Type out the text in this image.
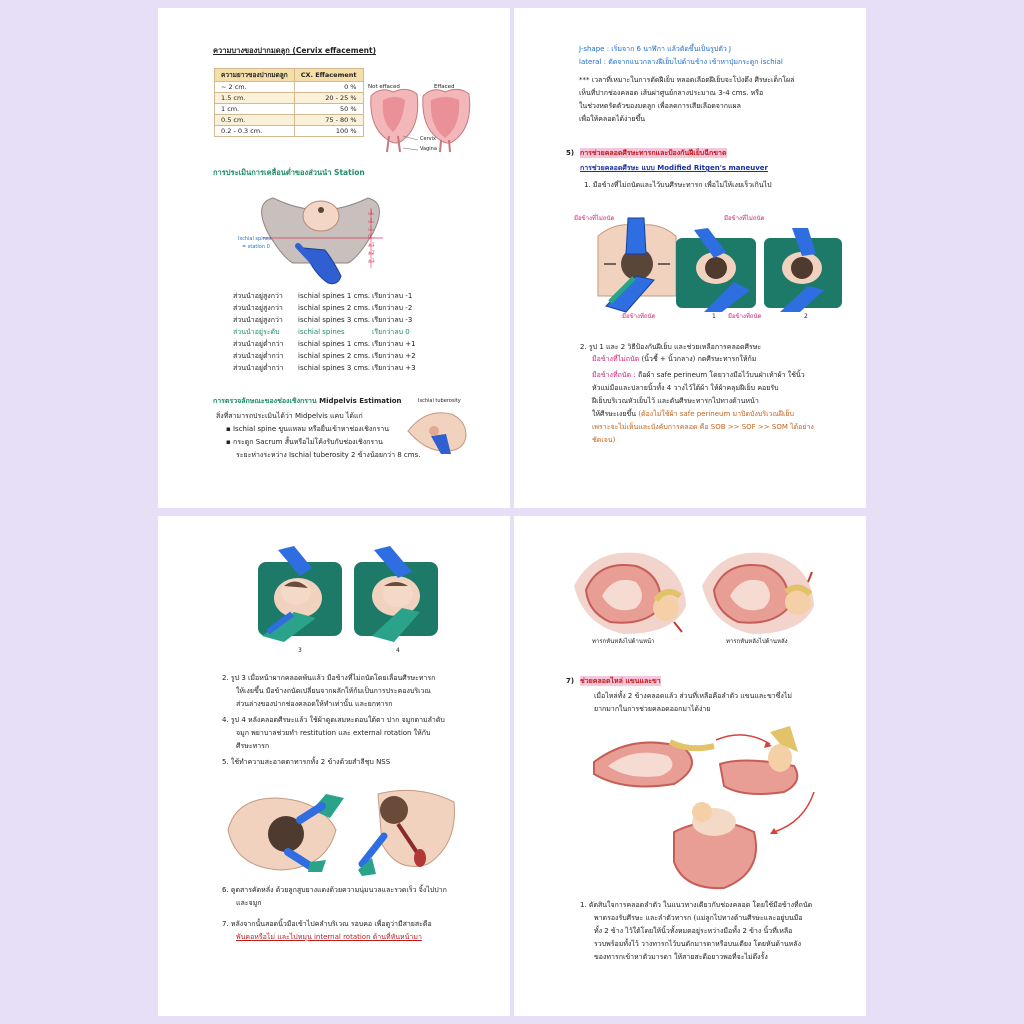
ความบางของปากมดลูก (Cervix effacement)
ความยาวของปากมดลูก	CX. Effacement
~ 2 cm.	0 %
1.5 cm.	20 - 25 %
1 cm.	50 %
0.5 cm.	75 - 80 %
0.2 - 0.3 cm.	100 %
Not effaced	Effaced
Cervix
Vagina
การประเมินการเคลื่อนต่ำของส่วนนำ Station
-3
-2
-1
0
+1
+2
+3
Ischial spines
= station 0
ส่วนนำอยู่สูงกว่า ischial spines 1 cms. เรียกว่าลบ -1
ส่วนนำอยู่สูงกว่า ischial spines 2 cms. เรียกว่าลบ -2
ส่วนนำอยู่สูงกว่า ischial spines 3 cms. เรียกว่าลบ -3
ส่วนนำอยู่ระดับ	ischial spines	เรียกว่าลบ 0
ส่วนนำอยู่ต่ำกว่า ischial spines 1 cms. เรียกว่าลบ +1
ส่วนนำอยู่ต่ำกว่า ischial spines 2 cms. เรียกว่าลบ +2
ส่วนนำอยู่ต่ำกว่า ischial spines 3 cms. เรียกว่าลบ +3
การตรวจลักษณะของช่องเชิงกราน Midpelvis Estimation	Ischial tuberosity
สิ่งที่สามารถประเมินได้ว่า Midpelvis แคบ ได้แก่
▪ Ischial spine ขูนแหลม หรือยื่นเข้าหาช่องเชิงกราน
▪ กระดูก Sacrum สั้นหรือไม่โค้งรับกับช่องเชิงกราน
ระยะห่างระหว่าง Ischial tuberosity 2 ข้างน้อยกว่า 8 cms.
J-shape : เริ่มจาก 6 นาฬิกา แล้วตัดขึ้นเป็นรูปตัว J
lateral : ตัดจากแนวกลางฝีเย็บไปด้านข้าง เข้าหาปุ่มกระดูก ischial
*** เวลาที่เหมาะในการตัดฝีเย็บ หลอดเลือดฝีเย็บจะโป่งตึง ศีรษะเด็กโผล่
เห็นที่ปากช่องคลอด เส้นผ่าศูนย์กลางประมาณ 3-4 cms. หรือ
ในช่วงหดรัดตัวของมดลูก เพื่อลดการเสียเลือดจากแผล
เพื่อให้คลอดได้ง่ายขึ้น
5) การช่วยคลอดศีรษะทารกและป้องกันฝีเย็บฉีกขาด
การช่วยคลอดศีรษะ แบบ Modified Ritgen's maneuver
1. มือข้างที่ไม่ถนัดและไว้บนศีรษะทารก เพื่อไม่ให้เงยเร็วเกินไป
มือข้างที่ไม่ถนัด
มือข้างที่ถนัด
มือข้างที่ไม่ถนัด
มือข้างที่ถนัด
1	2
2. รูป 1 และ 2 วิธีป้องกันฝีเย็บ และช่วยเหลือการคลอดศีรษะ
มือข้างที่ไม่ถนัด (นิ้วชี้ + นิ้วกลาง) กดศีรษะทารกให้ก้ม
มือข้างที่ถนัด : ถือผ้า safe perineum โดยวางมือไว้บนฝ่าเท้าผ้า ใช้นิ้ว
หัวแม่มือและปลายนิ้วทั้ง 4 วางไว้ใต้ผ้า ให้ผ้าคลุมฝีเย็บ คอยรับ
ฝีเย็บบริเวณหัวเย็บไว้ และดันศีรษะทารกไปทางด้านหน้า
ให้ศีรษะเงยขึ้น (ต้องไม่ใช้ผ้า safe perineum มาปิดบังบริเวณฝีเย็บ
เพราะจะไม่เห็นและบังคับการคลอด คือ SOB >> SOF >> SOM ได้อย่าง
ชัดเจน)
3	4
2. รูป 3 เมื่อหน้าผากคลอดพ้นแล้ว มือข้างที่ไม่ถนัดโดยเลื่อนศีรษะทารก
ให้เงยขึ้น มือข้างถนัดเปลี่ยนจากผลักให้ก้มเป็นการประคองบริเวณ
ส่วนล่างของปากช่องคลอดให้ทำเท่านั้น และยกทารก
4. รูป 4 หลังคลอดศีรษะแล้ว ใช้ผ้าดูดเสมหะตอนใต้ตา ปาก จมูกตามลำดับ
จมูก พยาบาลช่วยทำ restitution และ external rotation ให้กับ
ศีรษะทารก
5. ใช้ทำความสะอาดตาทารกทั้ง 2 ข้างด้วยสำลีชุบ NSS
6. ดูดสารคัดหลั่ง ด้วยลูกสูบยางแดงด้วยความนุ่มนวลและรวดเร็ว จิ้งไปปาก
และจมูก
7. หลังจากนั้นสอดนิ้วมือเข้าไปคลำบริเวณ รอบคอ เพื่อดูว่ามีสายสะดือ
พันคอหรือไม่ และไปหมุน internal rotation ด้านที่หันหน้ามา
ทารกหันหลังไปด้านหน้า	ทารกหันหลังไปด้านหลัง
7) ช่วยคลอดไหล่ แขนและขา
เมื่อไหล่ทั้ง 2 ข้างคลอดแล้ว ส่วนที่เหลือคือลำตัว แขนและขาซึ่งไม่
ยากมากในการช่วยคลอดออกมาได้ง่าย
1. ตัดสินใจการคลอดลำตัว ในแนวทางเดียวกับช่องคลอด โดยใช้มือข้างที่ถนัด
พาดรองรับศีรษะ และลำตัวทารก (แม่ลูกไปทางด้านศีรษะและอยู่บนมือ
ทั้ง 2 ข้าง ไว้ใต้โดยให้นิ้วทั้งหมดอยู่ระหว่างมือทั้ง 2 ข้าง นิ้วที่เหลือ
รวบพร้อมทั้งไว้ วางทารกไว้บนตักมารดาหรือบนเตียง โดยหันด้านหลัง
ของทารกเข้าหาตัวมารดา ให้สายสะดือยาวพอที่จะไม่ดึงรั้ง
